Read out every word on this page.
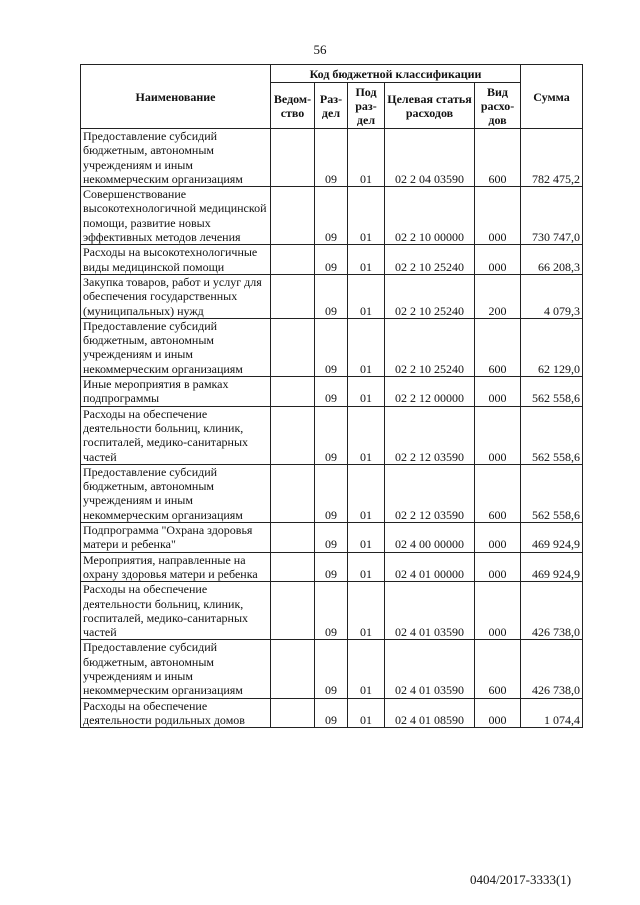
56
Наименование	Код бюджетной классификации					Сумма
	Ведом-ство	Раз-дел	Под раз-дел	Целевая статья расходов	Вид расхо-дов	
Предоставление субсидий бюджетным, автономным учреждениям и иным некоммерческим организациям		09	01	02 2 04 03590	600	782 475,2
Совершенствование высокотехнологичной медицинской помощи, развитие новых эффективных методов лечения		09	01	02 2 10 00000	000	730 747,0
Расходы на высокотехнологичные виды медицинской помощи		09	01	02 2 10 25240	000	66 208,3
Закупка товаров, работ и услуг для обеспечения государственных (муниципальных) нужд		09	01	02 2 10 25240	200	4 079,3
Предоставление субсидий бюджетным, автономным учреждениям и иным некоммерческим организациям		09	01	02 2 10 25240	600	62 129,0
Иные мероприятия в рамках подпрограммы		09	01	02 2 12 00000	000	562 558,6
Расходы на обеспечение деятельности больниц, клиник, госпиталей, медико-санитарных частей		09	01	02 2 12 03590	000	562 558,6
Предоставление субсидий бюджетным, автономным учреждениям и иным некоммерческим организациям		09	01	02 2 12 03590	600	562 558,6
Подпрограмма "Охрана здоровья матери и ребенка"		09	01	02 4 00 00000	000	469 924,9
Мероприятия, направленные на охрану здоровья матери и ребенка		09	01	02 4 01 00000	000	469 924,9
Расходы на обеспечение деятельности больниц, клиник, госпиталей, медико-санитарных частей		09	01	02 4 01 03590	000	426 738,0
Предоставление субсидий бюджетным, автономным учреждениям и иным некоммерческим организациям		09	01	02 4 01 03590	600	426 738,0
Расходы на обеспечение деятельности родильных домов		09	01	02 4 01 08590	000	1 074,4
0404/2017-3333(1)
